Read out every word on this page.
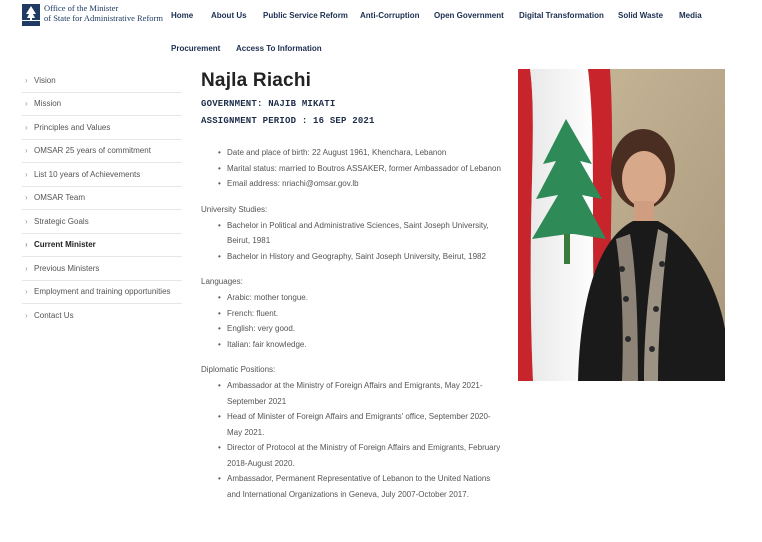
Office of the Minister
of State for Administrative Reform Home About Us Public Service Reform Anti-Corruption Open Government Digital Transformation Solid Waste Media
Procurement Access To Information
› Vision
› Mission
› Principles and Values
› OMSAR 25 years of commitment
› List 10 years of Achievements
› OMSAR Team
› Strategic Goals
› Current Minister
› Previous Ministers
› Employment and training opportunities
› Contact Us
Najla Riachi
GOVERNMENT: NAJIB MIKATI
ASSIGNMENT PERIOD : 16 SEP 2021
• Date and place of birth: 22 August 1961, Khenchara, Lebanon
• Marital status: married to Boutros ASSAKER, former Ambassador of Lebanon
• Email address: nriachi@omsar.gov.lb
University Studies:
• Bachelor in Political and Administrative Sciences, Saint Joseph University, Beirut, 1981
• Bachelor in History and Geography, Saint Joseph University, Beirut, 1982
Languages:
• Arabic: mother tongue.
• French: fluent.
• English: very good.
• Italian: fair knowledge.
Diplomatic Positions:
• Ambassador at the Ministry of Foreign Affairs and Emigrants, May 2021-September 2021
• Head of Minister of Foreign Affairs and Emigrants' office, September 2020-May 2021.
• Director of Protocol at the Ministry of Foreign Affairs and Emigrants, February 2018-August 2020.
• Ambassador, Permanent Representative of Lebanon to the United Nations and International Organizations in Geneva, July 2007-October 2017.
